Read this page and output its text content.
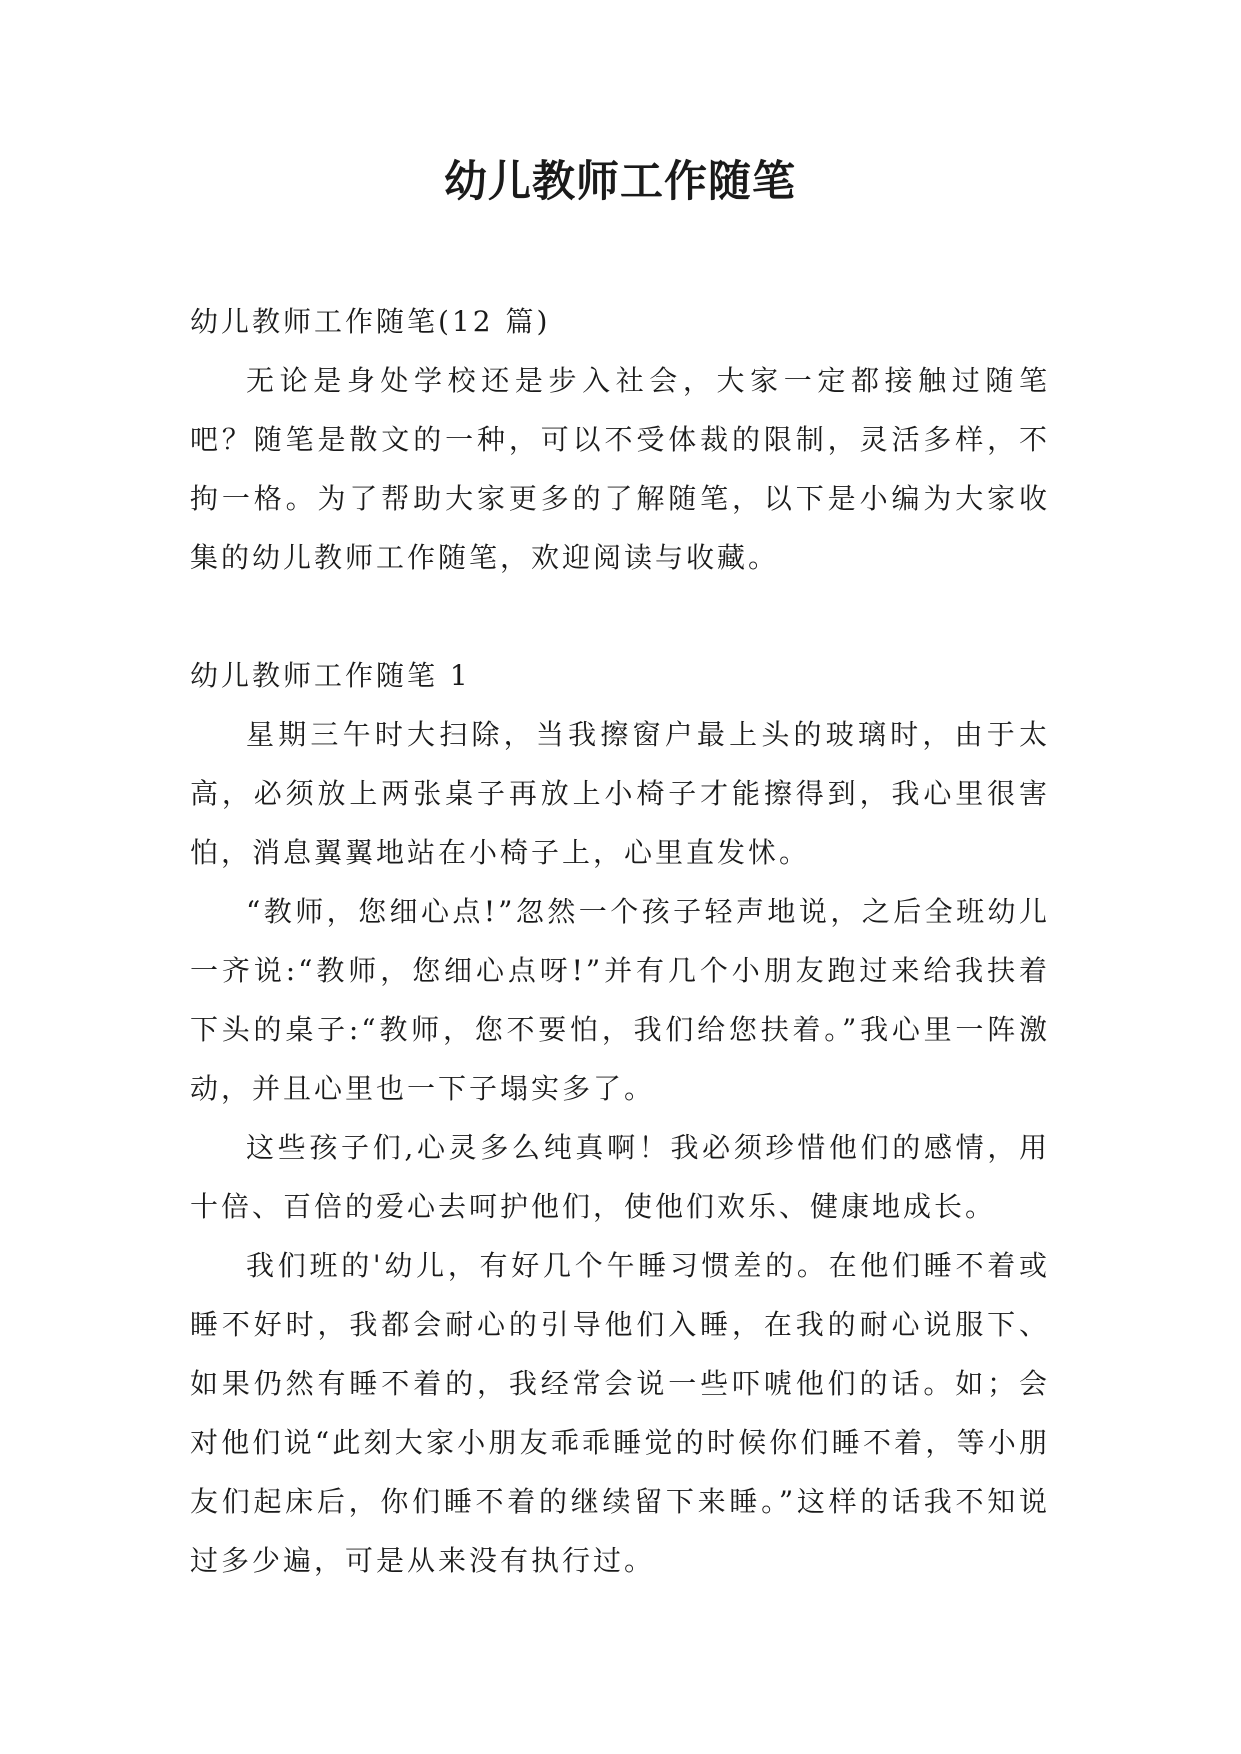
幼儿教师工作随笔

幼儿教师工作随笔(12 篇)

无论是身处学校还是步入社会，大家一定都接触过随笔吧？随笔是散文的一种，可以不受体裁的限制，灵活多样，不拘一格。为了帮助大家更多的了解随笔，以下是小编为大家收集的幼儿教师工作随笔，欢迎阅读与收藏。

幼儿教师工作随笔 1

星期三午时大扫除，当我擦窗户最上头的玻璃时，由于太高，必须放上两张桌子再放上小椅子才能擦得到，我心里很害怕，消息翼翼地站在小椅子上，心里直发怵。

“教师，您细心点!”忽然一个孩子轻声地说，之后全班幼儿一齐说:“教师，您细心点呀!”并有几个小朋友跑过来给我扶着下头的桌子:“教师，您不要怕，我们给您扶着。”我心里一阵激动，并且心里也一下子塌实多了。

这些孩子们,心灵多么纯真啊！我必须珍惜他们的感情，用十倍、百倍的爱心去呵护他们，使他们欢乐、健康地成长。

我们班的'幼儿，有好几个午睡习惯差的。在他们睡不着或睡不好时，我都会耐心的引导他们入睡，在我的耐心说服下、如果仍然有睡不着的，我经常会说一些吓唬他们的话。如；会对他们说“此刻大家小朋友乖乖睡觉的时候你们睡不着，等小朋友们起床后，你们睡不着的继续留下来睡。”这样的话我不知说过多少遍，可是从来没有执行过。
